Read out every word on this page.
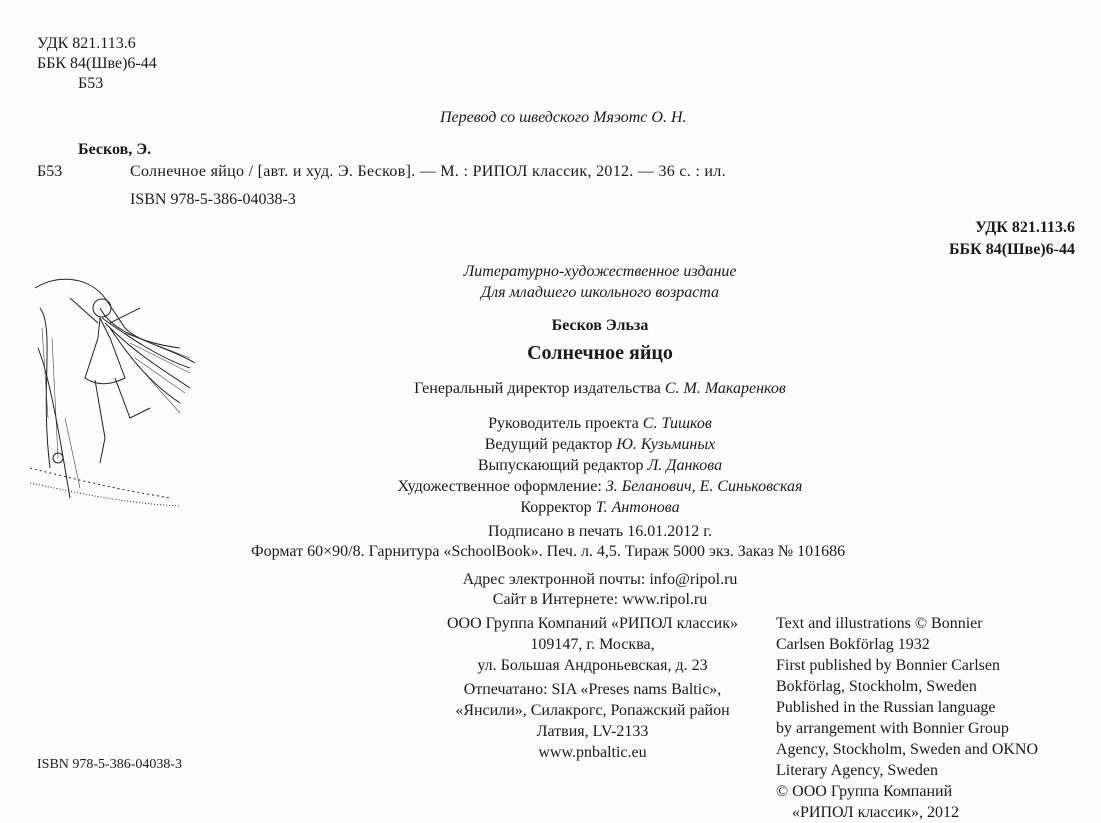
УДК 821.113.6
ББК 84(Шве)6-44
Б53
Перевод со шведского Мяэотс О. Н.
Бесков, Э.
Б53	Солнечное яйцо / [авт. и худ. Э. Бесков]. — М. : РИПОЛ классик, 2012. — 36 с. : ил.
ISBN 978-5-386-04038-3
УДК 821.113.6
ББК 84(Шве)6-44
Литературно-художественное издание
Для младшего школьного возраста
Бесков Эльза
Солнечное яйцо
Генеральный директор издательства С. М. Макаренков
Руководитель проекта С. Тишков
Ведущий редактор Ю. Кузьминых
Выпускающий редактор Л. Данкова
Художественное оформление: З. Беланович, Е. Синьковская
Корректор Т. Антонова
Подписано в печать 16.01.2012 г.
Формат 60×90/8. Гарнитура «SchoolBook». Печ. л. 4,5. Тираж 5000 экз. Заказ № 101686
Адрес электронной почты: info@ripol.ru
Сайт в Интернете: www.ripol.ru
ООО Группа Компаний «РИПОЛ классик»
109147, г. Москва,
ул. Большая Андроньевская, д. 23
Отпечатано: SIA «Preses nams Baltic»,
«Янсили», Силакрогс, Ропажский район
Латвия, LV-2133
www.pnbaltic.eu
Text and illustrations © Bonnier
Carlsen Bokförlag 1932
First published by Bonnier Carlsen
Bokförlag, Stockholm, Sweden
Published in the Russian language
by arrangement with Bonnier Group
Agency, Stockholm, Sweden and OKNO
Literary Agency, Sweden
© ООО Группа Компаний
«РИПОЛ классик», 2012
ISBN 978-5-386-04038-3
